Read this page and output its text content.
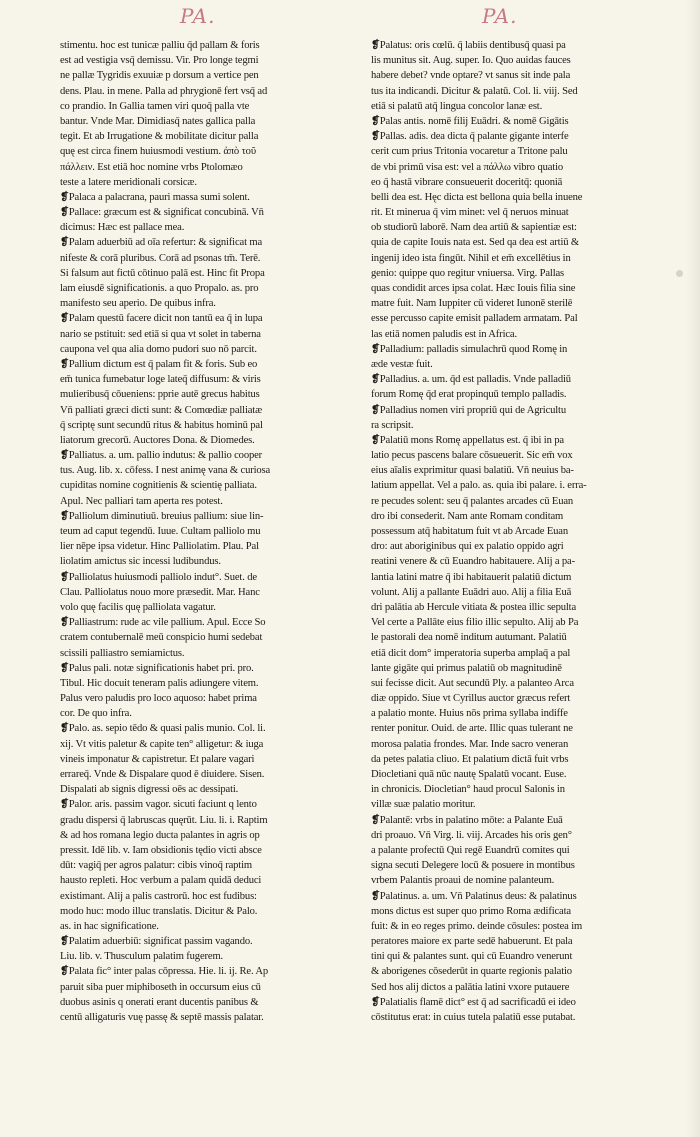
PA.	PA.
stimentu. hoc est tunicæ palliu q̄d pallam & foris
est ad vestigia vsq̄ demissu. Vir. Pro longe tegmi
ne pallæ Tygridis exuuiæ p dorsum a vertice pen
dens. Plau. in mene. Palla ad phrygionē fert vsq̄ ad
co prandio. In Gallia tamen viri quoq̄ palla vte
bantur. Vnde Mar. Dimidiasq̄ nates gallica palla
tegit. Et ab Irrugatione & mobilitate dicitur palla
quę est circa finem huiusmodi vestium. ἀπὸ τοῦ
πάλλειν. Est etiā hoc nomine vrbs Ptolomæo
teste a latere meridionali corsicæ.
❡Palaca a palacrana, pauri massa sumi solent.
❡Pallace: græcum est & significat concubinā. Vn̄
dicimus: Hæc est pallace mea.
❡Palam aduerbiū ad oīa refertur: & significat ma
nifeste & corā pluribus. Corā ad psonas tm̄. Terē.
Si falsum aut fictū cōtinuo palā est. Hinc fit Propa
lam eiusdē significationis. a quo Propalo. as. pro
manifesto seu aperio. De quibus infra.
❡Palam questū facere dicit non tantū ea q̄ in lupa
nario se pstituit: sed etiā si qua vt solet in taberna
caupona vel qua alia domo pudori suo nō parcit.
❡Pallium dictum est q̄ palam fit & foris. Sub eo
em̄ tunica fumebatur loge lateq̄ diffusum: & viris
mulieribusq̄ cōueniens: pprie autē grecus habitus
Vn̄ palliati græci dicti sunt: & Comœdiæ palliatæ
q̄ scriptę sunt secundū ritus & habitus hominū pal
liatorum grecorū. Auctores Dona. & Diomedes.
❡Palliatus. a. um. pallio indutus: & pallio cooper
tus. Aug. lib. x. cōfess. I nest animę vana & curiosa
cupiditas nomine cognitienis & scientię palliata.
Apul. Nec palliari tam aperta res potest.
❡Palliolum diminutiuū. breuius pallium: siue lin-
teum ad caput tegendū. Iuue. Cultam palliolo mu
lier nēpe ipsa videtur. Hinc Palliolatim. Plau. Pal
liolatim amictus sic incessi ludibundus.
❡Palliolatus huiusmodi palliolo indut°. Suet. de
Clau. Palliolatus nouo more præsedit. Mar. Hanc
volo quę facilis quę palliolata vagatur.
❡Palliastrum: rude ac vile pallium. Apul. Ecce So
cratem contubernalē meū conspicio humi sedebat
scissili palliastro semiamictus.
❡Palus pali. notæ significationis habet pri. pro.
Tibul. Hic docuit teneram palis adiungere vitem.
Palus vero paludis pro loco aquoso: habet prima
cor. De quo infra.
❡Palo. as. sepio tēdo & quasi palis munio. Col. li.
xij. Vt vitis paletur & capite ten° alligetur: & iuga
vineis imponatur & capistretur. Et palare vagari
errareq̄. Vnde & Dispalare quod ē diuidere. Sisen.
Dispalati ab signis digressi oēs ac dessipati.
❡Palor. aris. passim vagor. sicuti faciunt q lento
gradu dispersi q̄ labruscas quęrūt. Liu. li. i. Raptim
& ad hos romana legio ducta palantes in agris op
pressit. Idē lib. v. Iam obsidionis tędio victi absce
dūt: vagiq̄ per agros palatur: cibis vinoq̄ raptim
hausto repleti. Hoc verbum a palam quidā deduci
existimant. Alij a palis castrorū. hoc est fudibus:
modo huc: modo illuc translatis. Dicitur & Palo.
as. in hac significatione.
❡Palatim aduerbiū: significat passim vagando.
Liu. lib. v. Thusculum palatim fugerem.
❡Palata fic° inter palas cōpressa. Hie. li. ij. Re. Ap
paruit siba puer miphiboseth in occursum eius cū
duobus asinis q onerati erant ducentis panibus &
centū alligaturis vuę passę & septē massis palatar.
❡Palatus: oris cœlū. q̄ labiis dentibusq̄ quasi pa
lis munitus sit. Aug. super. Io. Quo auidas fauces
habere debet? vnde optare? vt sanus sit inde pala
tus ita indicandi. Dicitur & palatū. Col. li. viij. Sed
etiā si palatū atq̄ lingua concolor lanæ est.
❡Palas antis. nomē filij Euādri. & nomē Gigātis
❡Pallas. adis. dea dicta q̄ palante gigante interfe
cerit cum prius Tritonia vocaretur a Tritone palu
de vbi primū visa est: vel a πάλλω vibro quatio
eo q̄ hastā vibrare consueuerit doceritq̄: quoniā
belli dea est. Hęc dicta est bellona quia bella inuene
rit. Et minerua q̄ vim minet: vel q̄ neruos minuat
ob studiorū laborē. Nam dea artiū & sapientiæ est:
quia de capite Iouis nata est. Sed qa dea est artiū &
ingenij ideo ista fingūt. Nihil et em̄ excellētius in
genio: quippe quo regitur vniuersa. Virg. Pallas
quas condidit arces ipsa colat. Hæc Iouis filia sine
matre fuit. Nam Iuppiter cū videret Iunonē sterilē
esse percusso capite emisit palladem armatam. Pal
las etiā nomen paludis est in Africa.
❡Palladium: palladis simulachrū quod Romę in
æde vestæ fuit.
❡Palladius. a. um. q̄d est palladis. Vnde palladiū
forum Romę q̄d erat propinquū templo palladis.
❡Palladius nomen viri propriū qui de Agricultu
ra scripsit.
❡Palatiū mons Romę appellatus est. q̄ ibi in pa
latio pecus pascens balare cōsueuerit. Sic em̄ vox
eius aīalis exprimitur quasi balatiū. Vn̄ neuius ba-
latium appellat. Vel a palo. as. quia ibi palare. i. erra-
re pecudes solent: seu q̄ palantes arcades cū Euan
dro ibi consederit. Nam ante Romam conditam
possessum atq̄ habitatum fuit vt ab Arcade Euan
dro: aut aboriginibus qui ex palatio oppido agri
reatini venere & cū Euandro habitauere. Alij a pa-
lantia latini matre q̄ ibi habitauerit palatiū dictum
volunt. Alij a pallante Euādri auo. Alij a filia Euā
dri palātia ab Hercule vitiata & postea illic sepulta
Vel certe a Pallāte eius filio illic sepulto. Alij ab Pa
le pastorali dea nomē inditum autumant. Palatiū
etiā dicit dom° imperatoria superba amplaq̄ a pal
lante gigāte qui primus palatiū ob magnitudinē
sui fecisse dicit. Aut secundū Ply. a palanteo Arca
diæ oppido. Siue vt Cyrillus auctor græcus refert
a palatio monte. Huius nōs prima syllaba indiffe
renter ponitur. Ouid. de arte. Illic quas tulerant ne
morosa palatia frondes. Mar. Inde sacro veneran
da petes palatia cliuo. Et palatium dictā fuit vrbs
Diocletiani quā nūc nautę Spalatū vocant. Euse.
in chronicis. Diocletian° haud procul Salonis in
villæ suæ palatio moritur.
❡Palantē: vrbs in palatino mōte: a Palante Euā
dri proauo. Vn̄ Virg. li. viij. Arcades his oris gen°
a palante profectū Qui regē Euandrū comites qui
signa secuti Delegere locū & posuere in montibus
vrbem Palantis proaui de nomine palanteum.
❡Palatinus. a. um. Vn̄ Palatinus deus: & palatinus
mons dictus est super quo primo Roma ædificata
fuit: & in eo reges primo. deinde cōsules: postea im
peratores maiore ex parte sedē habuerunt. Et pala
tini qui & palantes sunt. qui cū Euandro venerunt
& aborigenes cōsederūt in quarte regionis palatio
Sed hos alij dictos a palātia latini vxore putauere
❡Palatialis flamē dict° est q̄ ad sacrificadū ei ideo
cōstitutus erat: in cuius tutela palatiū esse putabat.
